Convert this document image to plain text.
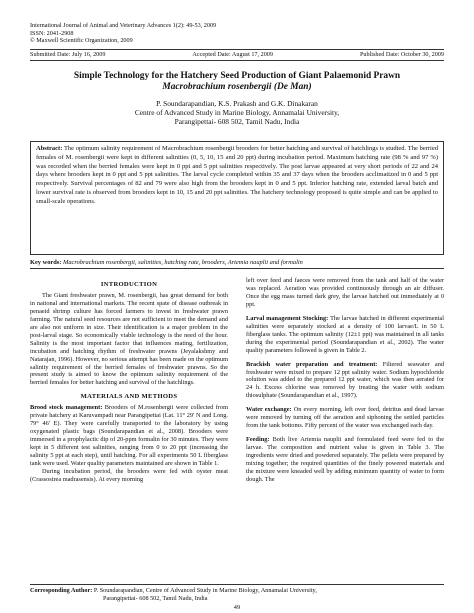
International Journal of Animal and Veterinary Advances 1(2): 49-53, 2009
ISSN: 2041-2908
© Maxwell Scientific Organization, 2009
Submitted Date: July 16, 2009	Accepted Date: August 17, 2009	Published Date: October 30, 2009
Simple Technology for the Hatchery Seed Production of Giant Palaemonid Prawn
Macrobrachium rosenbergii (De Man)
P. Soundarapandian, K.S. Prakash and G.K. Dinakaran
Centre of Advanced Study in Marine Biology, Annamalai University,
Parangipettai- 608 502, Tamil Nadu, India
Abstract: The optimum salinity requirement of Macrobrachium rosenbergii brooders for better hatching and survival of hatchlings is studied. The berried females of M. rosenbergii were kept in different salinities (0, 5, 10, 15 and 20 ppt) during incubation period. Maximum hatching rate (98 % and 97 %) was recorded when the berried females were kept in 0 ppt and 5 ppt salinities respectively. The post larvae appeared at very short periods of 22 and 24 days where brooders kept in 0 ppt and 5 ppt salinities. The larval cycle completed within 35 and 37 days when the brooders acclimatized in 0 and 5 ppt respectively. Survival percentages of 82 and 79 were also high from the brooders kept in 0 and 5 ppt. Inferior hatching rate, extended larval batch and lower survival rate is observed from brooders kept in 10, 15 and 20 ppt salinities. The hatchery technology proposed is quite simple and can be applied to small-scale operations.
Key words: Macrobrachium rosenbergii, salinities, hatching rate, brooders, Artemia nauplii and formalin
INTRODUCTION

The Giant freshwater prawn, M. rosenbergii, has great demand for both in national and international markets. The recent spate of disease outbreak in penaeid shrimp culture has forced farmers to invest in freshwater prawn farming. The natural seed resources are not sufficient to meet the demand and are also not uniform in size. Their identification is a major problem in the post-larval stage. So economically viable technology is the need of the hour. Salinity is the most important factor that influences mating, fertilization, incubation and hatching rhythm of freshwater prawns (Jeyalakshmy and Natarajan, 1996). However, no serious attempt has been made on the optimum salinity requirement of the berried females of freshwater prawns. So the present study is aimed to know the optimum salinity requirement of the berried females for better hatching and survival of the hatchlings.

MATERIALS AND METHODS

Brood stock management: Brooders of M.rosenbergii were collected from private hatchery at Karuvampadi near Parangipettai (Lat. 11° 29' N and Long. 79° 46' E). They were carefully transported to the laboratory by using oxygenated plastic bags (Soundarapandian et al., 2008). Brooders were immersed in a prophylactic dip of 20-ppm formalin for 30 minutes. They were kept in 5 different test salinities, ranging from 0 to 20 ppt (increasing the salinity 5 ppt at each step), until hatching. For all experiments 50 L fiberglass tank were used. Water quality parameters maintained are shown in Table 1.

During incubation period, the brooders were fed with oyster meat (Crassostrea madrasensis). At every morning

left over feed and faeces were removed from the tank and half of the water was replaced. Aeration was provided continuously through an air diffuser. Once the egg mass turned dark grey, the larvae hatched out immediately at 0 ppt.

Larval management Stocking: The larvae hatched in different experimental salinities were separately stocked at a density of 100 larvae/L in 50 L fiberglass tanks. The optimum salinity (12±1 ppt) was maintained in all tanks during the experimental period (Soundarapandian et al., 2002). The water quality parameters followed is given in Table 2.

Brackish water preparation and treatment: Filtered seawater and freshwater were mixed to prepare 12 ppt salinity water. Sodium hypochloride solution was added to the prepared 12 ppt water, which was then aerated for 24 h. Excess chlorine was removed by treating the water with sodium thiosulphate (Soundarapandian et al., 1997).

Water exchange: On every morning, left over feed, detritus and dead larvae were removed by turning off the aeration and siphoning the settled particles from the tank bottoms. Fifty percent of the water was exchanged each day.

Feeding: Both live Artemia nauplii and formulated feed were fed to the larvae. The composition and nutrient value is given in Table 3. The ingredients were dried and powdered separately. The pellets were prepared by mixing together; the required quantities of the finely powered materials and the mixture were kneaded well by adding minimum quantity of water to form dough. The

Corresponding Author: P. Soundarapandian, Centre of Advanced Study in Marine Biology, Annamalai University,
Parangipettai- 608 502, Tamil Nadu, India
49
